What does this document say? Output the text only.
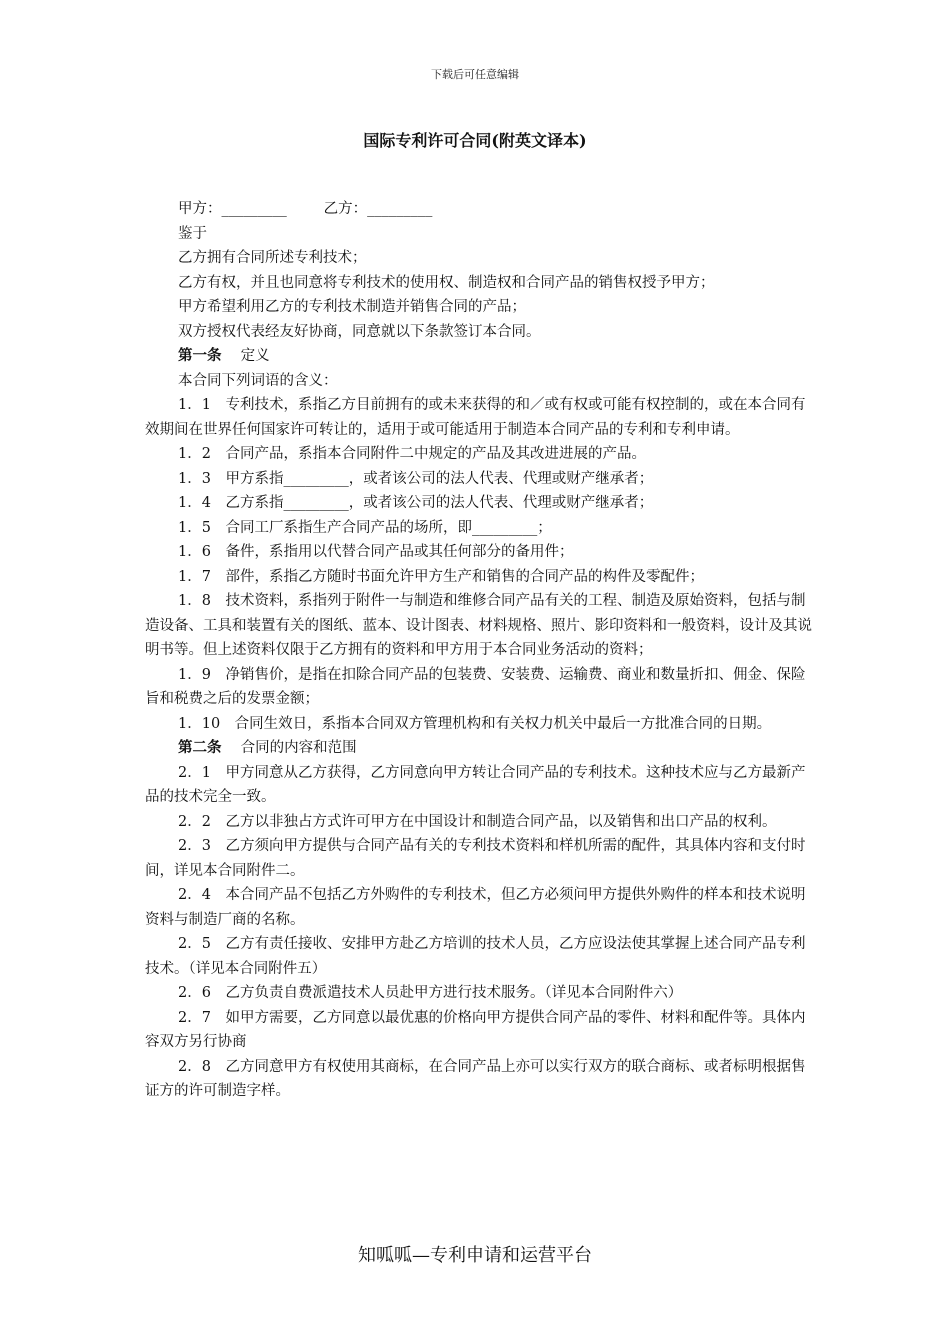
下载后可任意编辑
国际专利许可合同(附英文译本)

甲方：_________	乙方：_________

鉴于

乙方拥有合同所述专利技术；

乙方有权，并且也同意将专利技术的使用权、制造权和合同产品的销售权授予甲方；

甲方希望利用乙方的专利技术制造并销售合同的产品；

双方授权代表经友好协商，同意就以下条款签订本合同。

第一条　 定义

本合同下列词语的含义：

1．1　专利技术，系指乙方目前拥有的或未来获得的和／或有权或可能有权控制的，或在本合同有效期间在世界任何国家许可转让的，适用于或可能适用于制造本合同产品的专利和专利申请。

1．2　合同产品，系指本合同附件二中规定的产品及其改进进展的产品。

1．3　甲方系指_________，或者该公司的法人代表、代理或财产继承者；

1．4　乙方系指_________，或者该公司的法人代表、代理或财产继承者；

1．5　合同工厂系指生产合同产品的场所，即_________；

1．6　备件，系指用以代替合同产品或其任何部分的备用件；

1．7　部件，系指乙方随时书面允许甲方生产和销售的合同产品的构件及零配件；

1．8　技术资料，系指列于附件一与制造和维修合同产品有关的工程、制造及原始资料，包括与制造设备、工具和装置有关的图纸、蓝本、设计图表、材料规格、照片、影印资料和一般资料，设计及其说明书等。但上述资料仅限于乙方拥有的资料和甲方用于本合同业务活动的资料；

1．9　净销售价，是指在扣除合同产品的包装费、安装费、运输费、商业和数量折扣、佣金、保险旨和税费之后的发票金额；

1．10　合同生效日，系指本合同双方管理机构和有关权力机关中最后一方批准合同的日期。

第二条　 合同的内容和范围

2．1　甲方同意从乙方获得，乙方同意向甲方转让合同产品的专利技术。这种技术应与乙方最新产品的技术完全一致。

2．2　乙方以非独占方式许可甲方在中国设计和制造合同产品，以及销售和出口产品的权利。

2．3　乙方须向甲方提供与合同产品有关的专利技术资料和样机所需的配件，其具体内容和支付时间，详见本合同附件二。

2．4　本合同产品不包括乙方外购件的专利技术，但乙方必须问甲方提供外购件的样本和技术说明资料与制造厂商的名称。

2．5　乙方有责任接收、安排甲方赴乙方培训的技术人员，乙方应设法使其掌握上述合同产品专利技术。（详见本合同附件五）

2．6　乙方负责自费派遣技术人员赴甲方进行技术服务。（详见本合同附件六）

2．7　如甲方需要，乙方同意以最优惠的价格向甲方提供合同产品的零件、材料和配件等。具体内容双方另行协商

2．8　乙方同意甲方有权使用其商标，在合同产品上亦可以实行双方的联合商标、或者标明根据售证方的许可制造字样。

知呱呱—专利申请和运营平台
